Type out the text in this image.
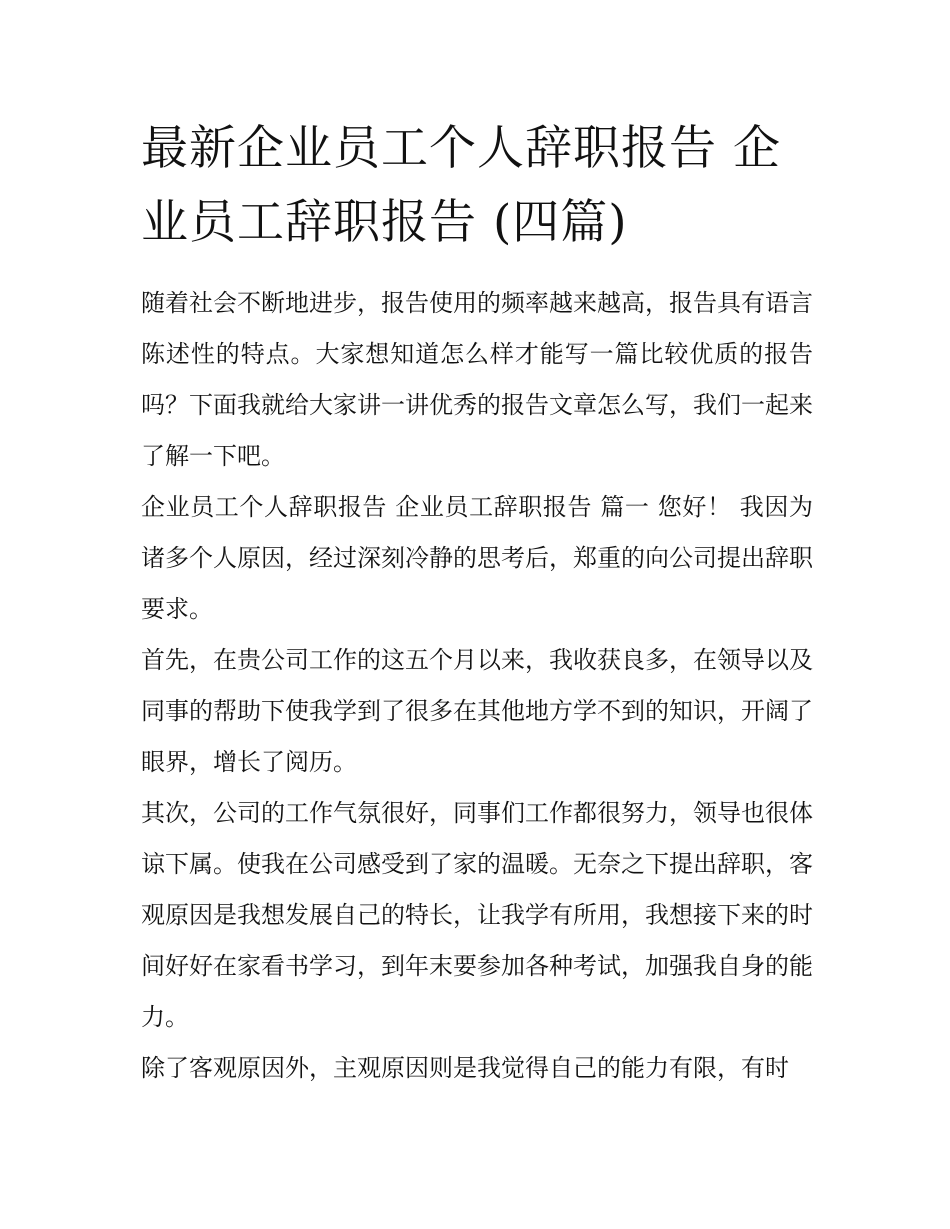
最新企业员工个人辞职报告 企业员工辞职报告 (四篇)

随着社会不断地进步，报告使用的频率越来越高，报告具有语言陈述性的特点。大家想知道怎么样才能写一篇比较优质的报告吗？下面我就给大家讲一讲优秀的报告文章怎么写，我们一起来了解一下吧。

企业员工个人辞职报告 企业员工辞职报告 篇一 您好！ 我因为诸多个人原因，经过深刻冷静的思考后，郑重的向公司提出辞职要求。

首先，在贵公司工作的这五个月以来，我收获良多，在领导以及同事的帮助下使我学到了很多在其他地方学不到的知识，开阔了眼界，增长了阅历。

其次，公司的工作气氛很好，同事们工作都很努力，领导也很体谅下属。使我在公司感受到了家的温暖。无奈之下提出辞职，客观原因是我想发展自己的特长，让我学有所用，我想接下来的时间好好在家看书学习，到年末要参加各种考试，加强我自身的能力。

除了客观原因外，主观原因则是我觉得自己的能力有限，有时
